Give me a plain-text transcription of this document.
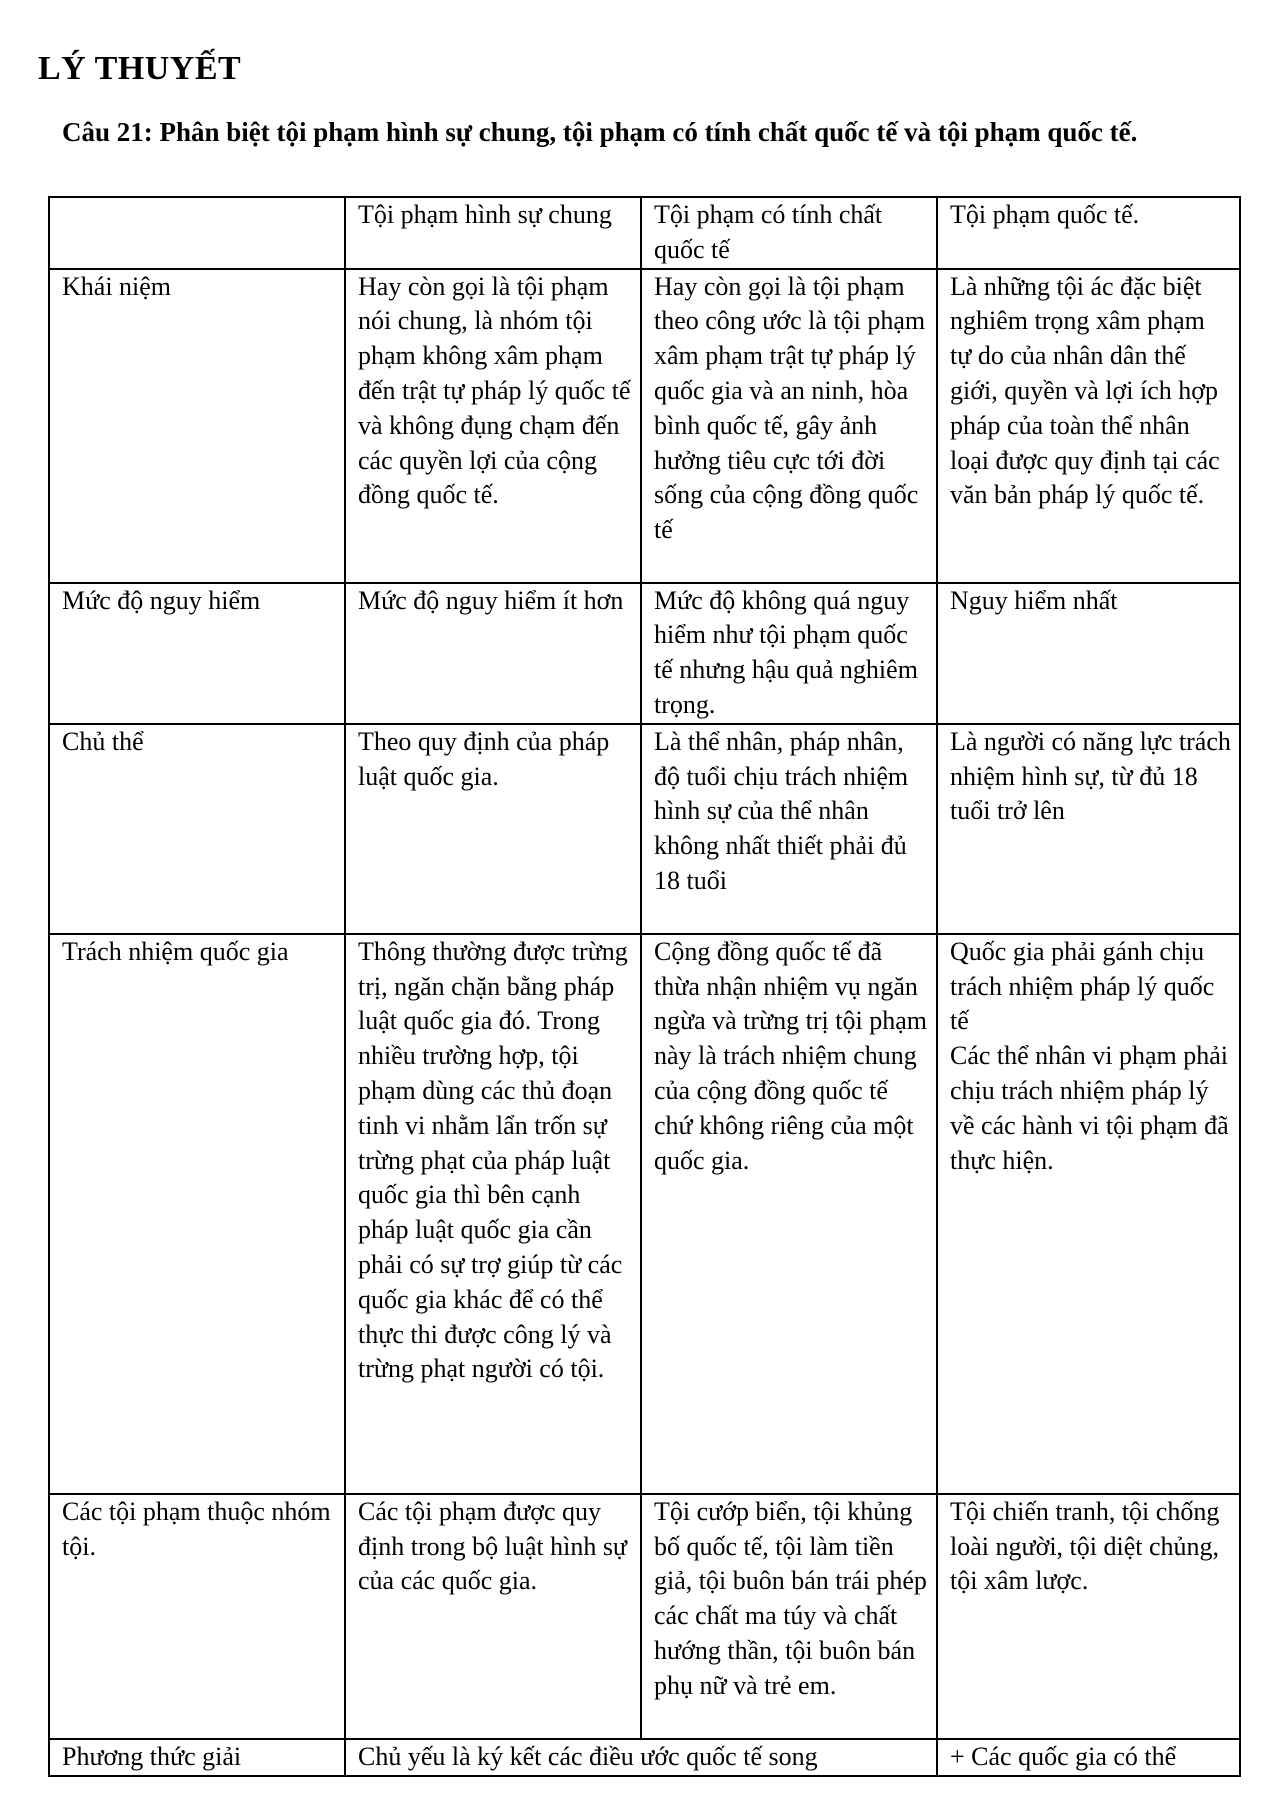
LÝ THUYẾT

Câu 21: Phân biệt tội phạm hình sự chung, tội phạm có tính chất quốc tế và tội phạm quốc tế.

	Tội phạm hình sự chung	Tội phạm có tính chất quốc tế	Tội phạm quốc tế.
Khái niệm	Hay còn gọi là tội phạm nói chung, là nhóm tội phạm không xâm phạm đến trật tự pháp lý quốc tế và không đụng chạm đến các quyền lợi của cộng đồng quốc tế.	Hay còn gọi là tội phạm theo công ước là tội phạm xâm phạm trật tự pháp lý quốc gia và an ninh, hòa bình quốc tế, gây ảnh hưởng tiêu cực tới đời sống của cộng đồng quốc tế	Là những tội ác đặc biệt nghiêm trọng xâm phạm tự do của nhân dân thế giới, quyền và lợi ích hợp pháp của toàn thể nhân loại được quy định tại các văn bản pháp lý quốc tế.
Mức độ nguy hiểm	Mức độ nguy hiểm ít hơn	Mức độ không quá nguy hiểm như tội phạm quốc tế nhưng hậu quả nghiêm trọng.	Nguy hiểm nhất
Chủ thể	Theo quy định của pháp luật quốc gia.	Là thể nhân, pháp nhân, độ tuổi chịu trách nhiệm hình sự của thể nhân không nhất thiết phải đủ 18 tuổi	Là người có năng lực trách nhiệm hình sự, từ đủ 18 tuổi trở lên
Trách nhiệm quốc gia	Thông thường được trừng trị, ngăn chặn bằng pháp luật quốc gia đó. Trong nhiều trường hợp, tội phạm dùng các thủ đoạn tinh vi nhằm lẩn trốn sự trừng phạt của pháp luật quốc gia thì bên cạnh pháp luật quốc gia cần phải có sự trợ giúp từ các quốc gia khác để có thể thực thi được công lý và trừng phạt người có tội.	Cộng đồng quốc tế đã thừa nhận nhiệm vụ ngăn ngừa và trừng trị tội phạm này là trách nhiệm chung của cộng đồng quốc tế chứ không riêng của một quốc gia.	Quốc gia phải gánh chịu trách nhiệm pháp lý quốc tế
Các thể nhân vi phạm phải chịu trách nhiệm pháp lý về các hành vi tội phạm đã thực hiện.
Các tội phạm thuộc nhóm tội.	Các tội phạm được quy định trong bộ luật hình sự của các quốc gia.	Tội cướp biển, tội khủng bố quốc tế, tội làm tiền giả, tội buôn bán trái phép các chất ma túy và chất hướng thần, tội buôn bán phụ nữ và trẻ em.	Tội chiến tranh, tội chống loài người, tội diệt chủng, tội xâm lược.
Phương thức giải	Chủ yếu là ký kết các điều ước quốc tế song		+ Các quốc gia có thể
